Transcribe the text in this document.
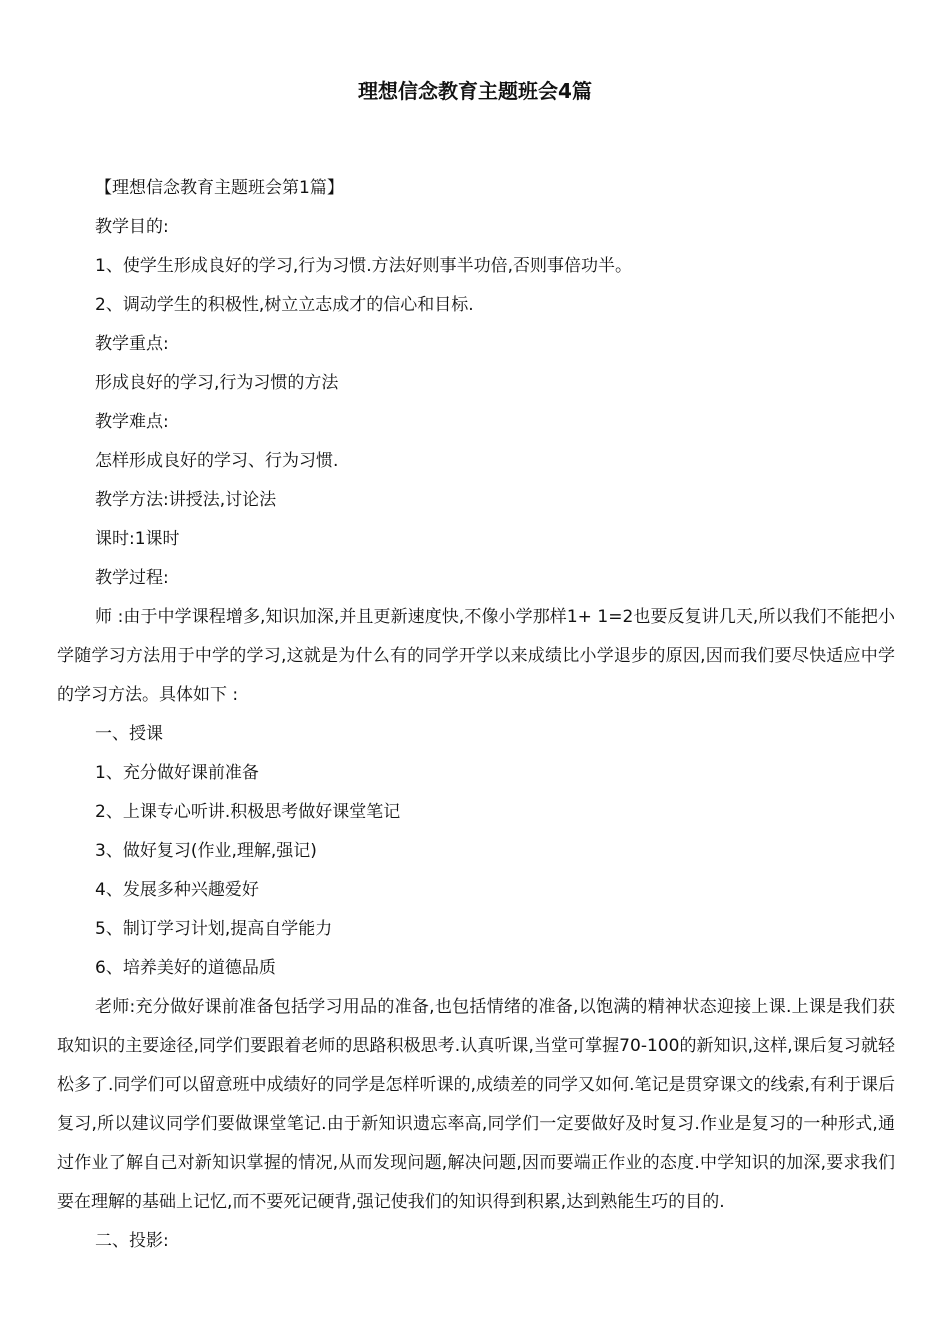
理想信念教育主题班会4篇

【理想信念教育主题班会第1篇】

教学目的:

1、使学生形成良好的学习,行为习惯.方法好则事半功倍,否则事倍功半。

2、调动学生的积极性,树立立志成才的信心和目标.

教学重点:

形成良好的学习,行为习惯的方法

教学难点:

怎样形成良好的学习、行为习惯.

教学方法:讲授法,讨论法

课时:1课时

教学过程:

师 :由于中学课程增多,知识加深,并且更新速度快,不像小学那样1+ 1=2也要反复讲几天,所以我们不能把小学随学习方法用于中学的学习,这就是为什么有的同学开学以来成绩比小学退步的原因,因而我们要尽快适应中学的学习方法。具体如下 :

一、授课

1、充分做好课前准备

2、上课专心听讲.积极思考做好课堂笔记

3、做好复习(作业,理解,强记)

4、发展多种兴趣爱好

5、制订学习计划,提高自学能力

6、培养美好的道德品质

老师:充分做好课前准备包括学习用品的准备,也包括情绪的准备,以饱满的精神状态迎接上课.上课是我们获取知识的主要途径,同学们要跟着老师的思路积极思考.认真听课,当堂可掌握70-100的新知识,这样,课后复习就轻松多了.同学们可以留意班中成绩好的同学是怎样听课的,成绩差的同学又如何.笔记是贯穿课文的线索,有利于课后复习,所以建议同学们要做课堂笔记.由于新知识遗忘率高,同学们一定要做好及时复习.作业是复习的一种形式,通过作业了解自己对新知识掌握的情况,从而发现问题,解决问题,因而要端正作业的态度.中学知识的加深,要求我们要在理解的基础上记忆,而不要死记硬背,强记使我们的知识得到积累,达到熟能生巧的目的.

二、投影:
